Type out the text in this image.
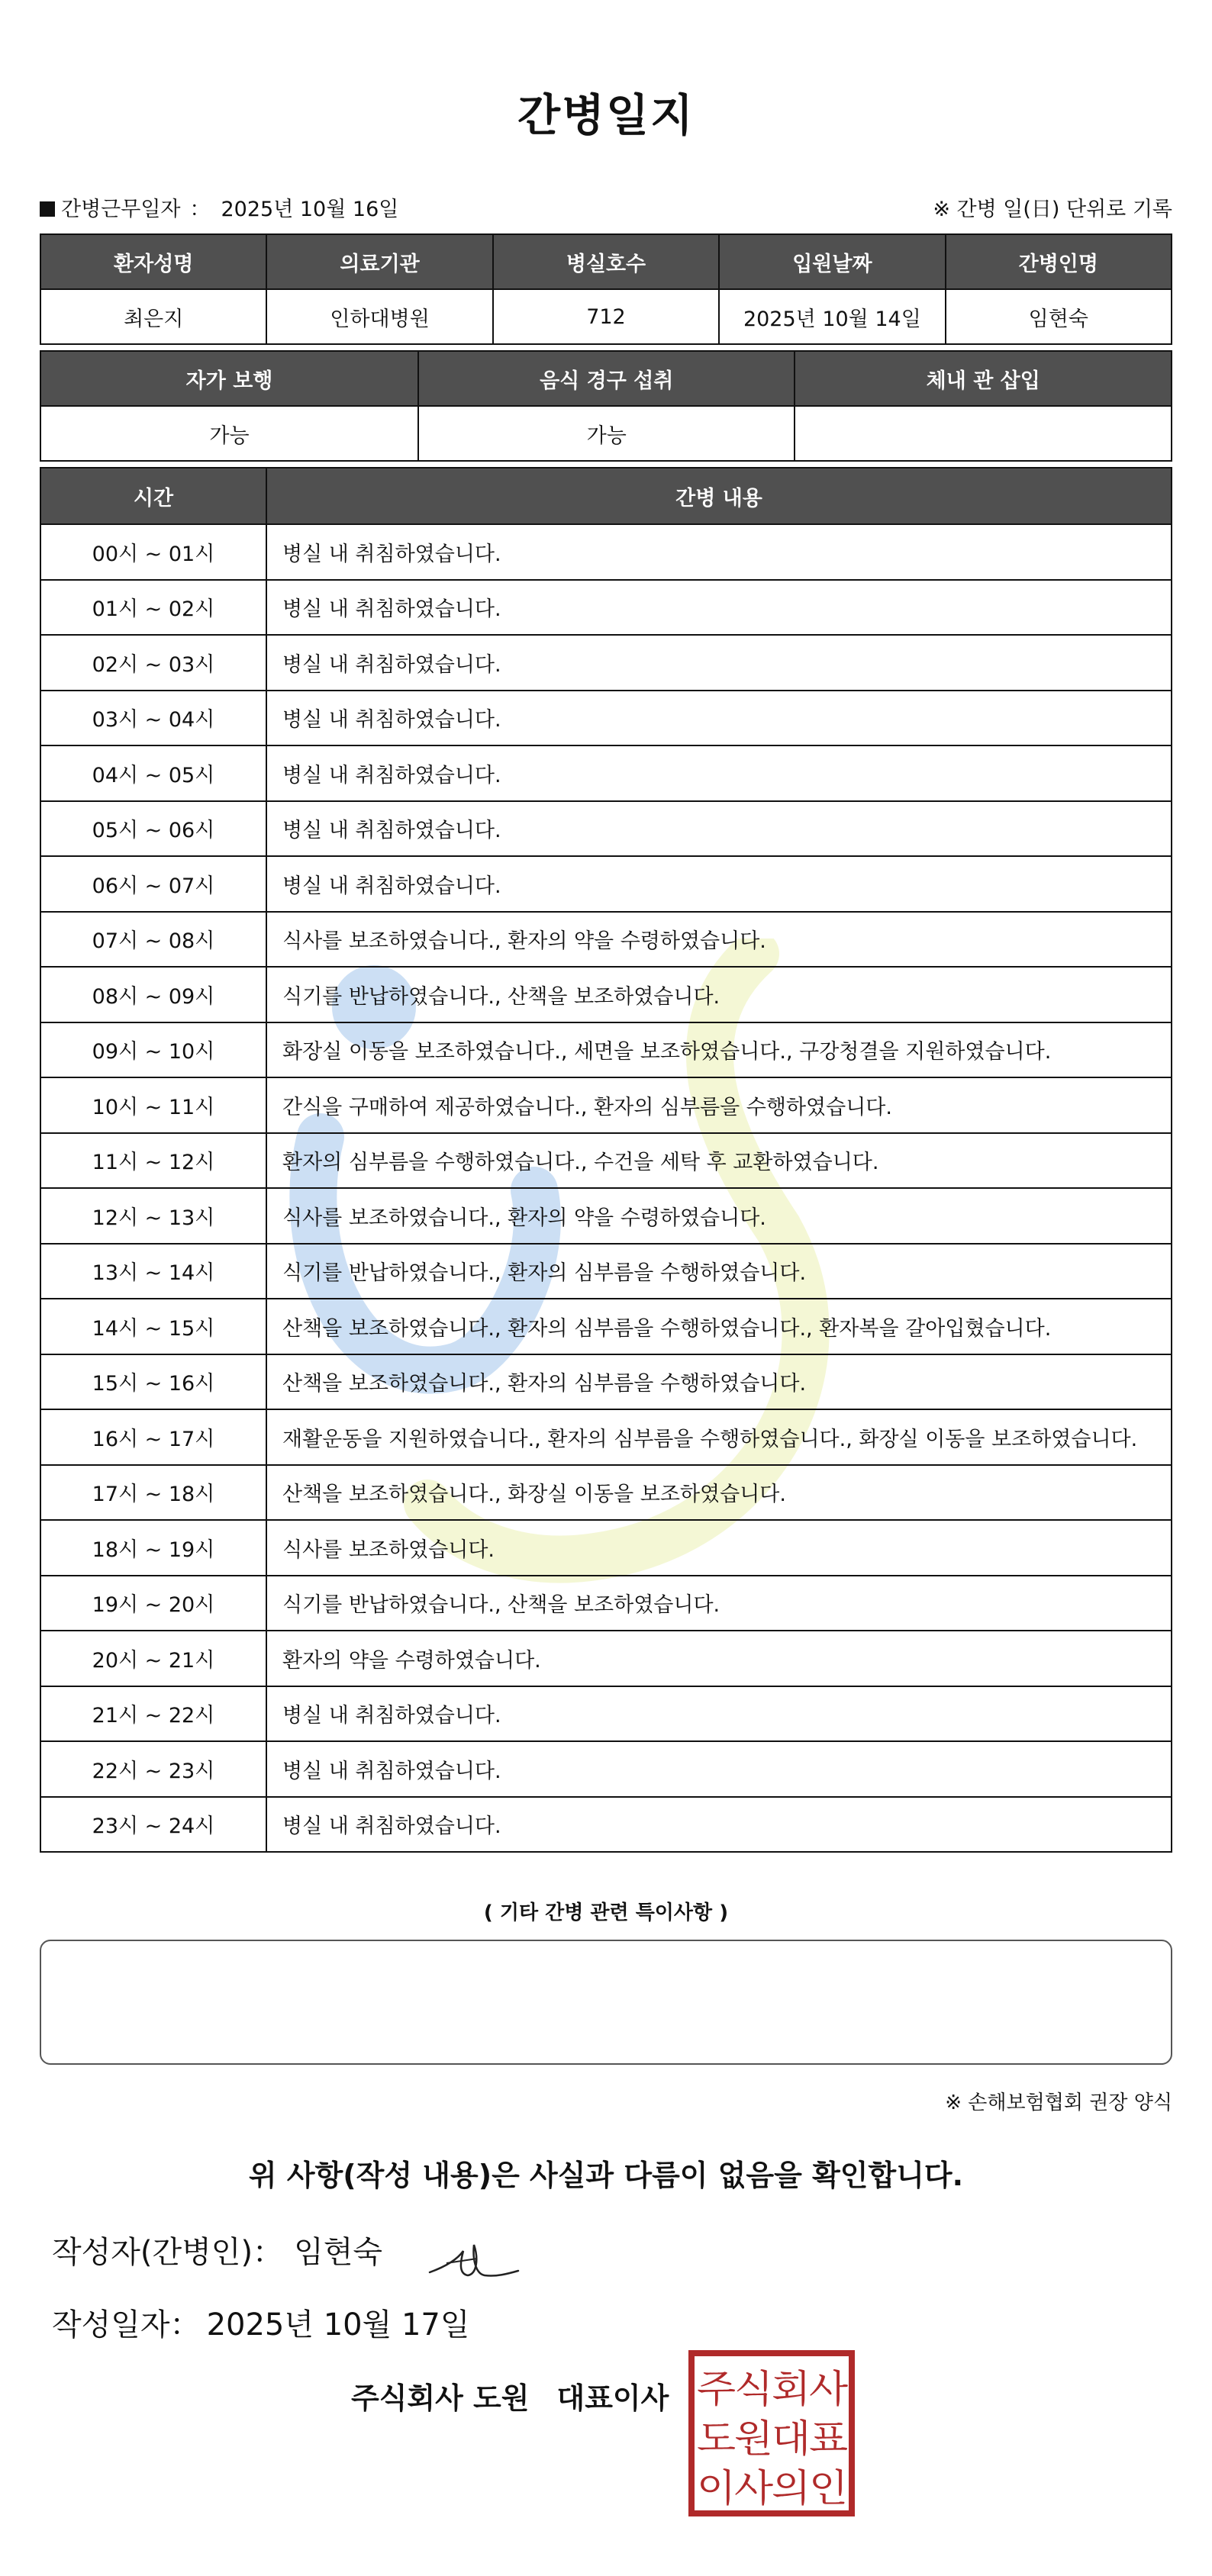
간병일지
간병근무일자 ： 2025년 10월 16일	※ 간병 일(日) 단위로 기록
환자성명	의료기관	병실호수	입원날짜	간병인명
최은지	인하대병원	712	2025년 10월 14일	임현숙
자가 보행	음식 경구 섭취	체내 관 삽입
가능	가능	
시간	간병 내용
00시 ~ 01시	병실 내 취침하였습니다.
01시 ~ 02시	병실 내 취침하였습니다.
02시 ~ 03시	병실 내 취침하였습니다.
03시 ~ 04시	병실 내 취침하였습니다.
04시 ~ 05시	병실 내 취침하였습니다.
05시 ~ 06시	병실 내 취침하였습니다.
06시 ~ 07시	병실 내 취침하였습니다.
07시 ~ 08시	식사를 보조하였습니다., 환자의 약을 수령하였습니다.
08시 ~ 09시	식기를 반납하였습니다., 산책을 보조하였습니다.
09시 ~ 10시	화장실 이동을 보조하였습니다., 세면을 보조하였습니다., 구강청결을 지원하였습니다.
10시 ~ 11시	간식을 구매하여 제공하였습니다., 환자의 심부름을 수행하였습니다.
11시 ~ 12시	환자의 심부름을 수행하였습니다., 수건을 세탁 후 교환하였습니다.
12시 ~ 13시	식사를 보조하였습니다., 환자의 약을 수령하였습니다.
13시 ~ 14시	식기를 반납하였습니다., 환자의 심부름을 수행하였습니다.
14시 ~ 15시	산책을 보조하였습니다., 환자의 심부름을 수행하였습니다., 환자복을 갈아입혔습니다.
15시 ~ 16시	산책을 보조하였습니다., 환자의 심부름을 수행하였습니다.
16시 ~ 17시	재활운동을 지원하였습니다., 환자의 심부름을 수행하였습니다., 화장실 이동을 보조하였습니다.
17시 ~ 18시	산책을 보조하였습니다., 화장실 이동을 보조하였습니다.
18시 ~ 19시	식사를 보조하였습니다.
19시 ~ 20시	식기를 반납하였습니다., 산책을 보조하였습니다.
20시 ~ 21시	환자의 약을 수령하였습니다.
21시 ~ 22시	병실 내 취침하였습니다.
22시 ~ 23시	병실 내 취침하였습니다.
23시 ~ 24시	병실 내 취침하였습니다.
( 기타 간병 관련 특이사항 )
※ 손해보험협회 권장 양식
위 사항(작성 내용)은 사실과 다름이 없음을 확인합니다.
작성자(간병인)： 임현숙
작성일자： 2025년 10월 17일
주식회사 도원 대표이사 주식회사
도원대표
이사의인
